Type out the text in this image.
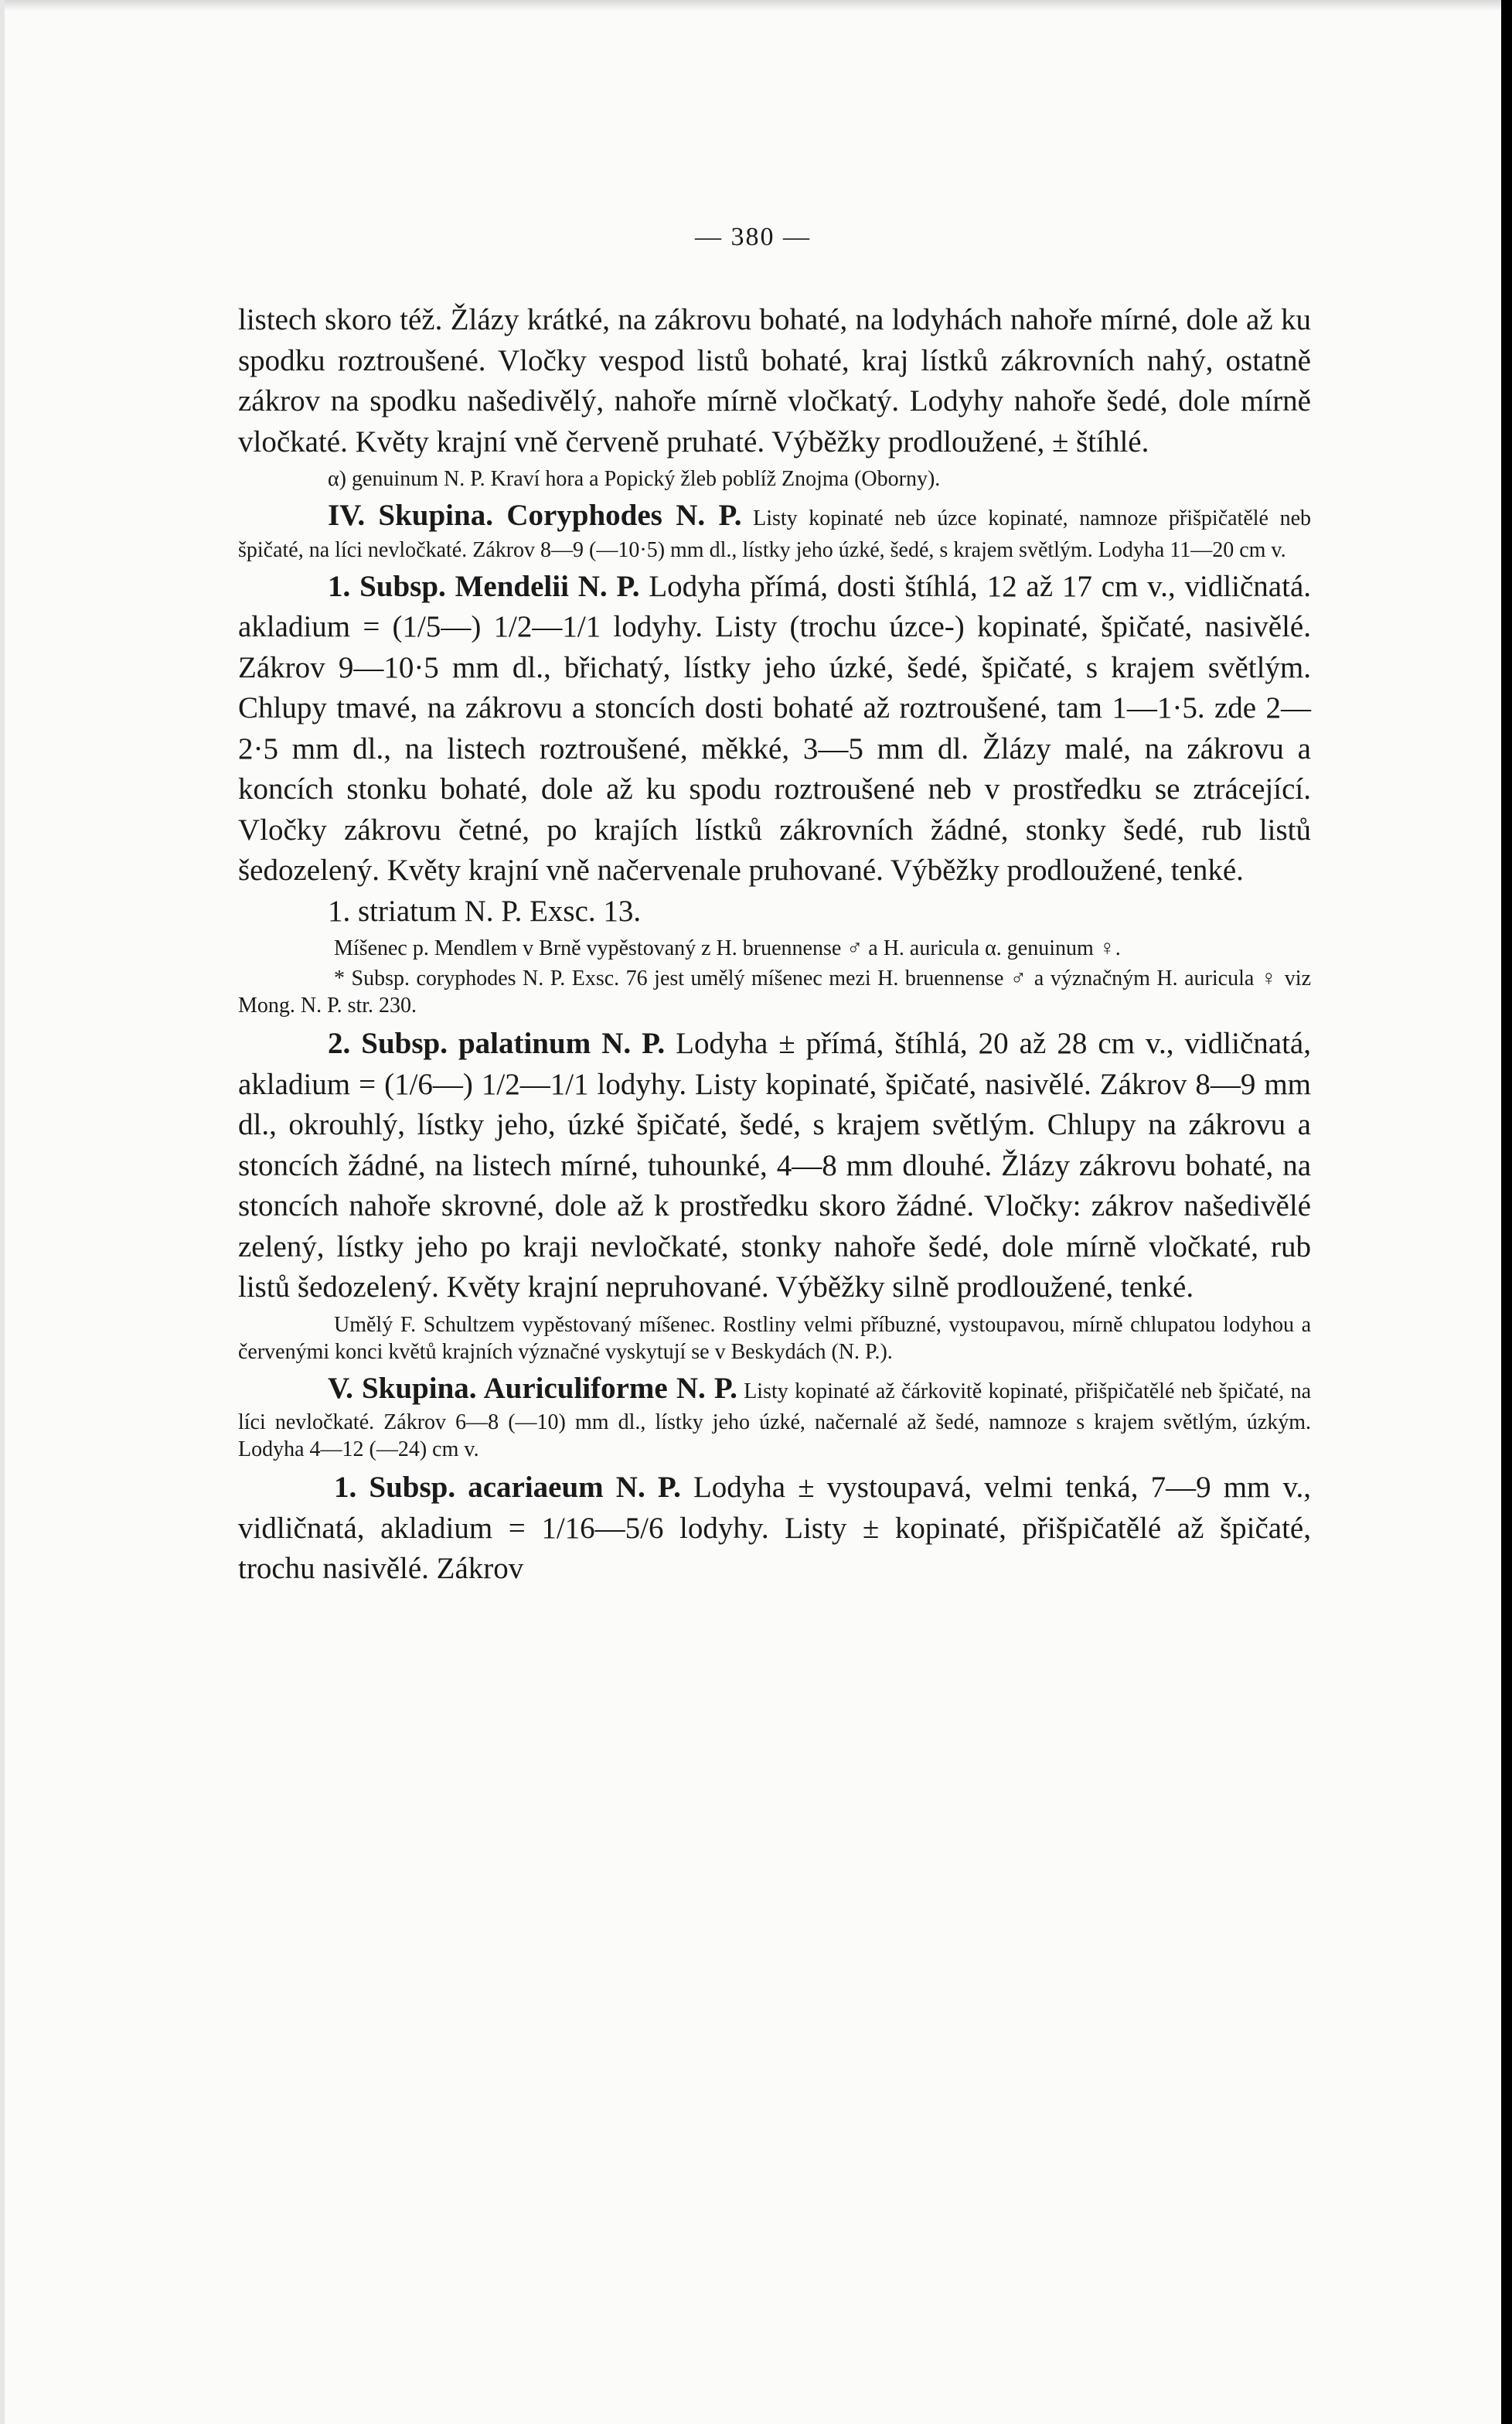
— 380 —

listech skoro též. Žlázy krátké, na zákrovu bohaté, na lodyhách nahoře mírné, dole až ku spodku roztroušené. Vločky vespod listů bohaté, kraj lístků zákrovních nahý, ostatně zákrov na spodku našedivělý, nahoře mírně vločkatý. Lodyhy nahoře šedé, dole mírně vločkaté. Květy krajní vně červeně pruhaté. Výběžky prodloužené, ± štíhlé.

α) genuinum N. P. Kraví hora a Popický žleb poblíž Znojma (Oborny).

IV. Skupina. Coryphodes N. P. Listy kopinaté neb úzce kopinaté, namnoze přišpičatělé neb špičaté, na líci nevločkaté. Zákrov 8—9 (—10·5) mm dl., lístky jeho úzké, šedé, s krajem světlým. Lodyha 11—20 cm v.

1. Subsp. Mendelii N. P. Lodyha přímá, dosti štíhlá, 12 až 17 cm v., vidličnatá. akladium = (1/5—) 1/2—1/1 lodyhy. Listy (trochu úzce-) kopinaté, špičaté, nasivělé. Zákrov 9—10·5 mm dl., břichatý, lístky jeho úzké, šedé, špičaté, s krajem světlým. Chlupy tmavé, na zákrovu a stoncích dosti bohaté až roztroušené, tam 1—1·5. zde 2—2·5 mm dl., na listech roztroušené, měkké, 3—5 mm dl. Žlázy malé, na zákrovu a koncích stonku bohaté, dole až ku spodu roztroušené neb v prostředku se ztrácející. Vločky zákrovu četné, po krajích lístků zákrovních žádné, stonky šedé, rub listů šedozelený. Květy krajní vně načervenale pruhované. Výběžky prodloužené, tenké.

1. striatum N. P. Exsc. 13.

Míšenec p. Mendlem v Brně vypěstovaný z H. bruennense ♂ a H. auricula α. genuinum ♀.

* Subsp. coryphodes N. P. Exsc. 76 jest umělý míšenec mezi H. bruennense ♂ a význačným H. auricula ♀ viz Mong. N. P. str. 230.

2. Subsp. palatinum N. P. Lodyha ± přímá, štíhlá, 20 až 28 cm v., vidličnatá, akladium = (1/6—) 1/2—1/1 lodyhy. Listy kopinaté, špičaté, nasivělé. Zákrov 8—9 mm dl., okrouhlý, lístky jeho, úzké špičaté, šedé, s krajem světlým. Chlupy na zákrovu a stoncích žádné, na listech mírné, tuhounké, 4—8 mm dlouhé. Žlázy zákrovu bohaté, na stoncích nahoře skrovné, dole až k prostředku skoro žádné. Vločky: zákrov našedivělé zelený, lístky jeho po kraji nevločkaté, stonky nahoře šedé, dole mírně vločkaté, rub listů šedozelený. Květy krajní nepruhované. Výběžky silně prodloužené, tenké.

Umělý F. Schultzem vypěstovaný míšenec. Rostliny velmi příbuzné, vystoupavou, mírně chlupatou lodyhou a červenými konci květů krajních význačné vyskytují se v Beskydách (N. P.).

V. Skupina. Auriculiforme N. P. Listy kopinaté až čárkovitě kopinaté, přišpičatělé neb špičaté, na líci nevločkaté. Zákrov 6—8 (—10) mm dl., lístky jeho úzké, načernalé až šedé, namnoze s krajem světlým, úzkým. Lodyha 4—12 (—24) cm v.

1. Subsp. acariaeum N. P. Lodyha ± vystoupavá, velmi tenká, 7—9 mm v., vidličnatá, akladium = 1/16—5/6 lodyhy. Listy ± kopinaté, přišpičatělé až špičaté, trochu nasivělé. Zákrov
